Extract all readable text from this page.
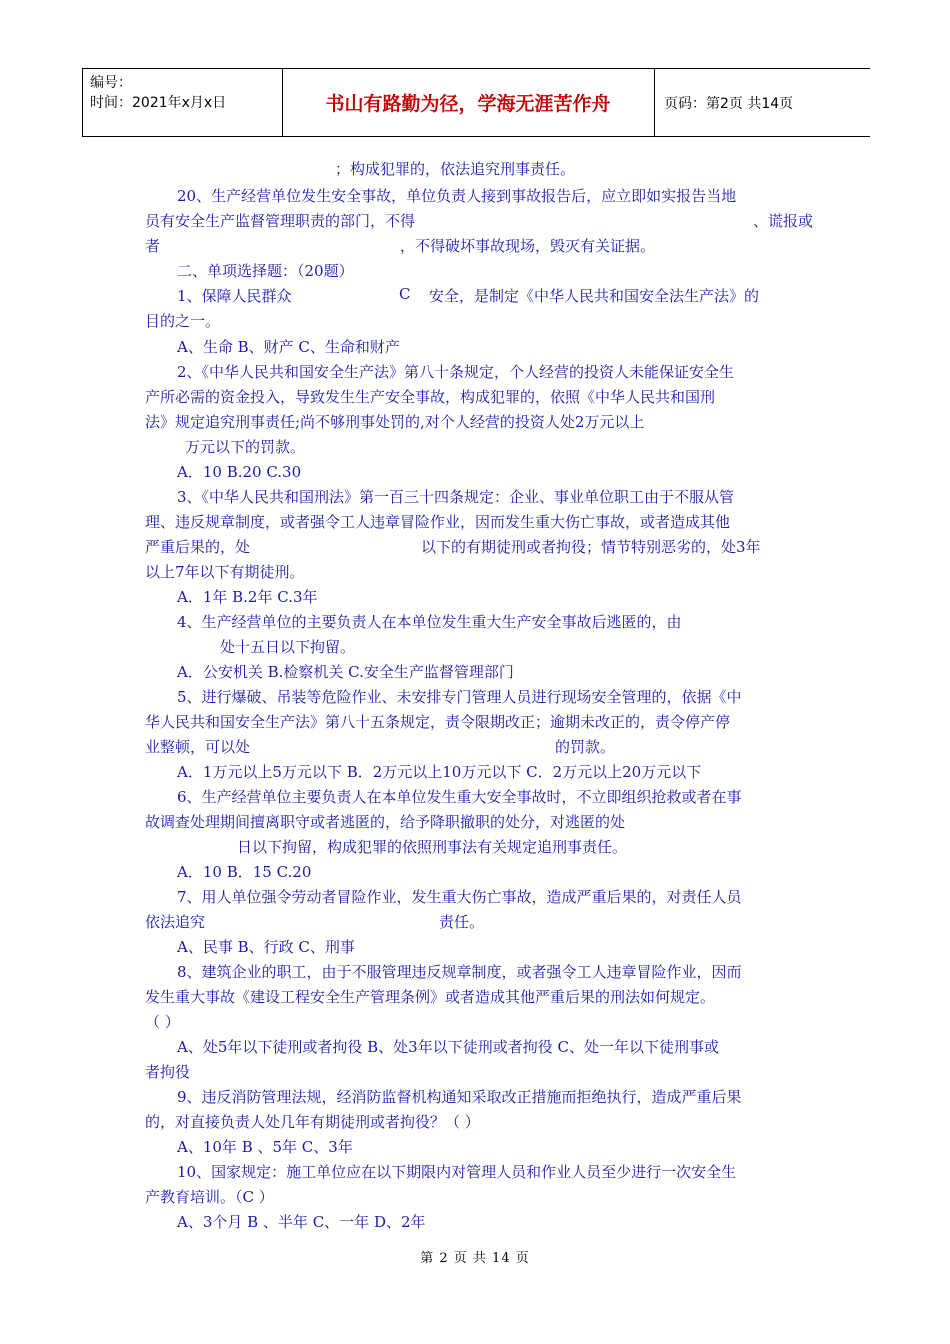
编号：
时间：2021年x月x日	书山有路勤为径，学海无涯苦作舟	页码：第2页 共14页
；构成犯罪的，依法追究刑事责任。
20、生产经营单位发生安全事故，单位负责人接到事故报告后，应立即如实报告当地
员有安全生产监督管理职责的部门，不得	、谎报或
者	，不得破坏事故现场，毁灭有关证据。
二、单项选择题：（20题）
1、保障人民群众	C 安全，是制定《中华人民共和国安全法生产法》的
目的之一。
A、生命 B、财产 C、生命和财产
2、《中华人民共和国安全生产法》第八十条规定，个人经营的投资人未能保证安全生
产所必需的资金投入，导致发生生产安全事故，构成犯罪的，依照《中华人民共和国刑
法》规定追究刑事责任;尚不够刑事处罚的,对个人经营的投资人处2万元以上
万元以下的罚款。
A．10 B.20 C.30
3、《中华人民共和国刑法》第一百三十四条规定：企业、事业单位职工由于不服从管
理、违反规章制度，或者强令工人违章冒险作业，因而发生重大伤亡事故，或者造成其他
严重后果的，处	以下的有期徒刑或者拘役；情节特别恶劣的，处3年
以上7年以下有期徒刑。
A．1年 B.2年 C.3年
4、生产经营单位的主要负责人在本单位发生重大生产安全事故后逃匿的，由
处十五日以下拘留。
A．公安机关 B.检察机关 C.安全生产监督管理部门
5、进行爆破、吊装等危险作业、未安排专门管理人员进行现场安全管理的，依据《中
华人民共和国安全生产法》第八十五条规定，责令限期改正；逾期未改正的，责令停产停
业整顿，可以处	的罚款。
A．1万元以上5万元以下 B．2万元以上10万元以下 C．2万元以上20万元以下
6、生产经营单位主要负责人在本单位发生重大安全事故时，不立即组织抢救或者在事
故调查处理期间擅离职守或者逃匿的，给予降职撤职的处分，对逃匿的处
日以下拘留，构成犯罪的依照刑事法有关规定追刑事责任。
A．10 B．15 C.20
7、用人单位强令劳动者冒险作业，发生重大伤亡事故，造成严重后果的，对责任人员
依法追究	责任。
A、民事 B、行政 C、刑事
8、建筑企业的职工，由于不服管理违反规章制度，或者强令工人违章冒险作业，因而
发生重大事故《建设工程安全生产管理条例》或者造成其他严重后果的刑法如何规定。
（ ）
A、处5年以下徒刑或者拘役 B、处3年以下徒刑或者拘役 C、处一年以下徒刑事或
者拘役
9、违反消防管理法规，经消防监督机构通知采取改正措施而拒绝执行，造成严重后果
的，对直接负责人处几年有期徒刑或者拘役？（ ）
A、10年 B 、5年 C、3年
10、国家规定：施工单位应在以下期限内对管理人员和作业人员至少进行一次安全生
产教育培训。（C ）
A、3个月 B 、半年 C、一年 D、2年
第 2 页 共 14 页
